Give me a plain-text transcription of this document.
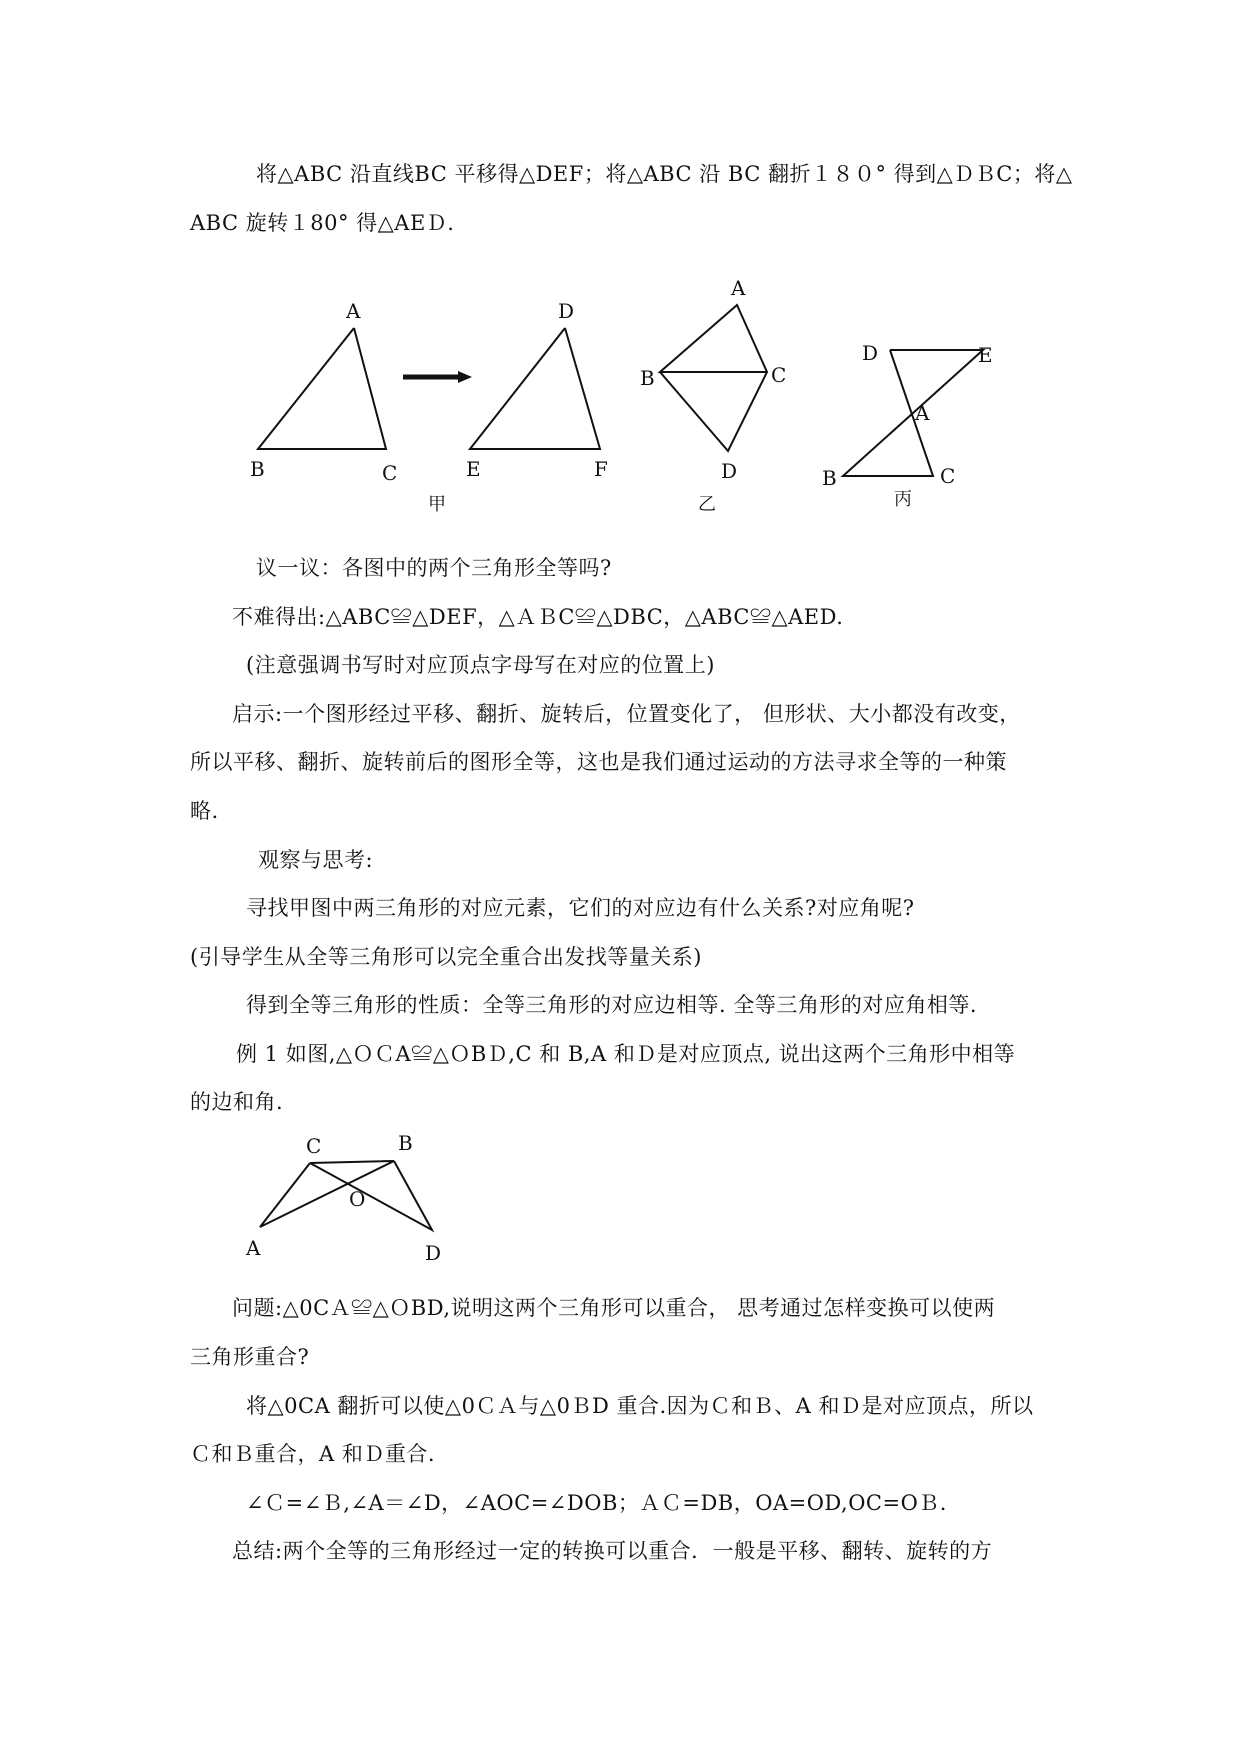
将△ABC 沿直线BC 平移得△DEF；将△ABC 沿 BC 翻折１８０° 得到△ＤＢC；将△
ABC 旋转１80° 得△AEＤ.
议一议：各图中的两个三角形全等吗?
不难得出:△ABC≌△DEF，△ＡＢC≌△DBC，△ABC≌△AED.
(注意强调书写时对应顶点字母写在对应的位置上)
启示:一个图形经过平移、翻折、旋转后，位置变化了， 但形状、大小都没有改变，
所以平移、翻折、旋转前后的图形全等，这也是我们通过运动的方法寻求全等的一种策
略.
观察与思考:
寻找甲图中两三角形的对应元素，它们的对应边有什么关系?对应角呢?
(引导学生从全等三角形可以完全重合出发找等量关系)
得到全等三角形的性质：全等三角形的对应边相等. 全等三角形的对应角相等.
例 1 如图,△ＯＣA≌△ＯBＤ,C 和 B,A 和Ｄ是对应顶点, 说出这两个三角形中相等
的边和角.
问题:△0CＡ≌△ＯBD,说明这两个三角形可以重合， 思考通过怎样变换可以使两
三角形重合?
将△0CA 翻折可以使△0ＣＡ与△0ＢD 重合.因为Ｃ和Ｂ、A 和Ｄ是对应顶点，所以
Ｃ和Ｂ重合，A 和Ｄ重合.
∠Ｃ=∠Ｂ,∠A＝∠D，∠AOC=∠DOB；ＡＣ=DB，OA=OD,OC=OＢ.
总结:两个全等的三角形经过一定的转换可以重合．一般是平移、翻转、旋转的方
A
B	C
D
E	F
甲
A
B	C
D
乙
D	E
A
B	C
丙
C	B
O
A	D
